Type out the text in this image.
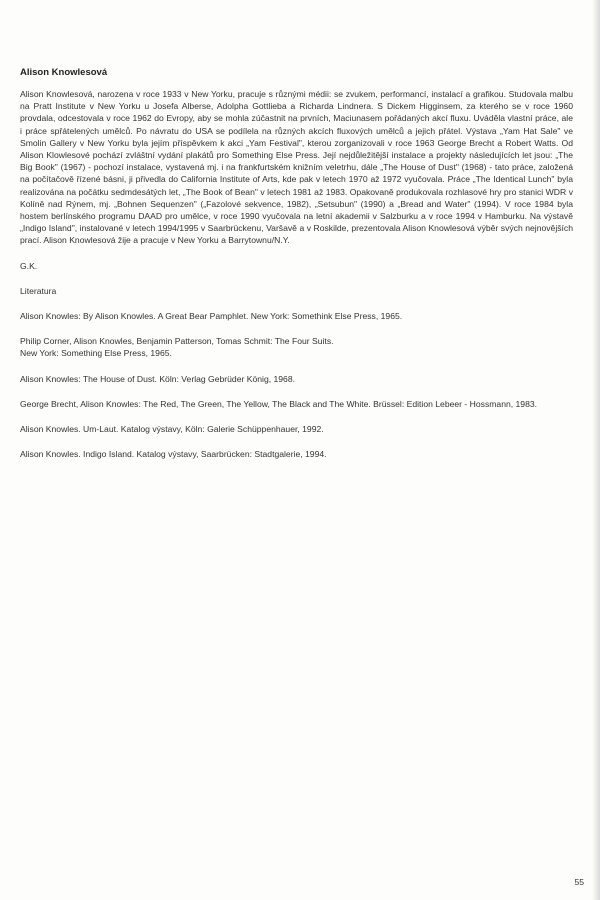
Alison Knowlesová

Alison Knowlesová, narozena v roce 1933 v New Yorku, pracuje s různými médii: se zvukem, performancí, instalací a grafikou. Studovala malbu na Pratt Institute v New Yorku u Josefa Alberse, Adolpha Gottlieba a Richarda Lindnera. S Dickem Higginsem, za kterého se v roce 1960 provdala, odcestovala v roce 1962 do Evropy, aby se mohla zúčastnit na prvních, Maciunasem pořádaných akcí fluxu. Uváděla vlastní práce, ale i práce spřátelených umělců. Po návratu do USA se podílela na různých akcích fluxových umělců a jejich přátel. Výstava „Yam Hat Sale" ve Smolin Gallery v New Yorku byla jejím příspěvkem k akci „Yam Festival", kterou zorganizovali v roce 1963 George Brecht a Robert Watts. Od Alison Klowlesové pochází zvláštní vydání plakátů pro Something Else Press. Její nejdůležitější instalace a projekty následujících let jsou: „The Big Book" (1967) - pochozí instalace, vystavená mj. i na frankfurtském knižním veletrhu, dále „The House of Dust" (1968) - tato práce, založená na počítačově řízené básni, ji přivedla do California Institute of Arts, kde pak v letech 1970 až 1972 vyučovala. Práce „The Identical Lunch" byla realizována na počátku sedmdesátých let, „The Book of Bean" v letech 1981 až 1983. Opakovaně produkovala rozhlasové hry pro stanici WDR v Kolíně nad Rýnem, mj. „Bohnen Sequenzen" („Fazolové sekvence, 1982), „Setsubun" (1990) a „Bread and Water" (1994). V roce 1984 byla hostem berlínského programu DAAD pro umělce, v roce 1990 vyučovala na letní akademii v Salzburku a v roce 1994 v Hamburku. Na výstavě „Indigo Island", instalované v letech 1994/1995 v Saarbrückenu, Varšavě a v Roskilde, prezentovala Alison Knowlesová výběr svých nejnovějších prací. Alison Knowlesová žije a pracuje v New Yorku a Barrytownu/N.Y.

G.K.

Literatura

Alison Knowles: By Alison Knowles. A Great Bear Pamphlet. New York: Somethink Else Press, 1965.
Philip Corner, Alison Knowles, Benjamin Patterson, Tomas Schmit: The Four Suits.
New York: Something Else Press, 1965.
Alison Knowles: The House of Dust. Köln: Verlag Gebrüder König, 1968.
George Brecht, Alison Knowles: The Red, The Green, The Yellow, The Black and The White. Brüssel: Edition Lebeer - Hossmann, 1983.
Alison Knowles. Um-Laut. Katalog výstavy, Köln: Galerie Schüppenhauer, 1992.
Alison Knowles. Indigo Island. Katalog výstavy, Saarbrücken: Stadtgalerie, 1994.
55
